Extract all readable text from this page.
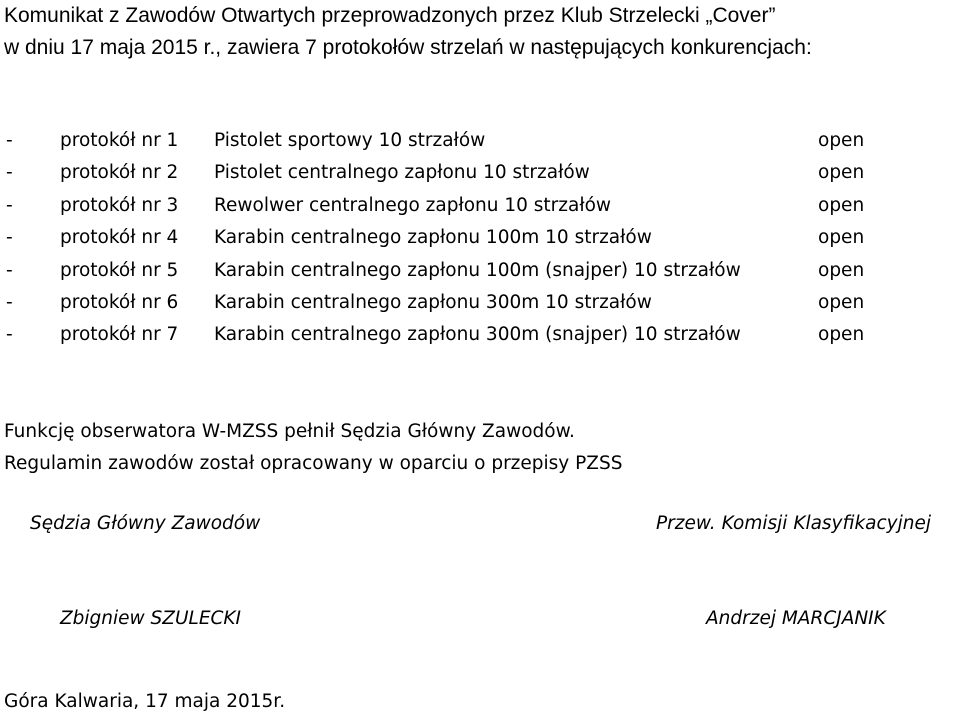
Komunikat z Zawodów Otwartych przeprowadzonych przez Klub Strzelecki „Cover”
w dniu 17 maja 2015 r., zawiera 7 protokołów strzelań w następujących konkurencjach:
-	protokół nr 1 Pistolet sportowy 10 strzałów	open
-	protokół nr 2 Pistolet centralnego zapłonu 10 strzałów	open
-	protokół nr 3 Rewolwer centralnego zapłonu 10 strzałów	open
-	protokół nr 4 Karabin centralnego zapłonu 100m 10 strzałów	open
-	protokół nr 5 Karabin centralnego zapłonu 100m (snajper) 10 strzałów	open
-	protokół nr 6 Karabin centralnego zapłonu 300m 10 strzałów	open
-	protokół nr 7 Karabin centralnego zapłonu 300m (snajper) 10 strzałów	open
Funkcję obserwatora W-MZSS pełnił Sędzia Główny Zawodów.
Regulamin zawodów został opracowany w oparciu o przepisy PZSS
Sędzia Główny Zawodów	Przew. Komisji Klasyfikacyjnej
Zbigniew SZULECKI	Andrzej MARCJANIK
Góra Kalwaria, 17 maja 2015r.
